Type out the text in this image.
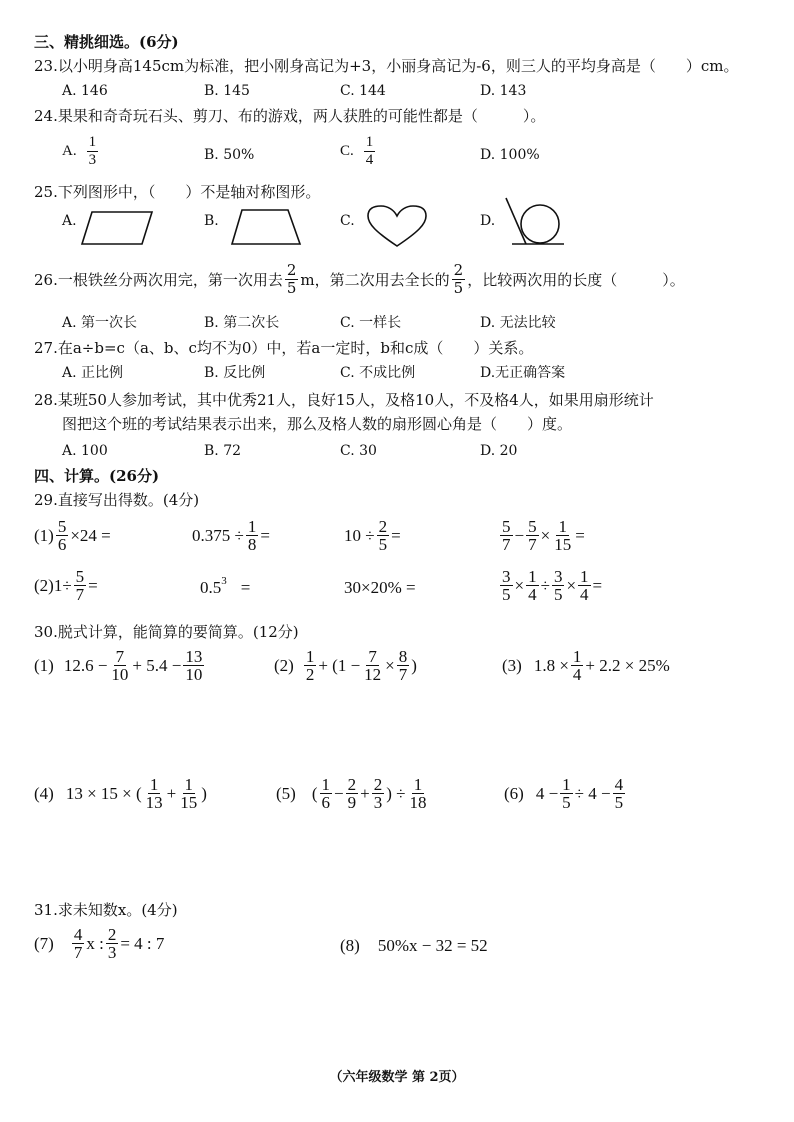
三、精挑细选。(6分)
23.以小明身高145cm为标准，把小刚身高记为+3，小丽身高记为-6，则三人的平均身高是（　　）cm。
A. 146	B. 145	C. 144	D. 143
24.果果和奇奇玩石头、剪刀、布的游戏，两人获胜的可能性都是（　　　）。
A. $\frac{1}{3}$	B. 50%	C. $\frac{1}{4}$	D. 100%
25.下列图形中，（　　）不是轴对称图形。
A.	B.	C.	D.
26.一根铁丝分两次用完，第一次用去 $\frac{2}{5}$ m，第二次用去全长的 $\frac{2}{5}$ ，比较两次用的长度（　　　）。
A. 第一次长	B. 第二次长	C. 一样长	D. 无法比较
27.在a÷b=c（a、b、c均不为0）中，若a一定时，b和c成（　　）关系。
A. 正比例	B. 反比例	C. 不成比例	D.无正确答案
28.某班50人参加考试，其中优秀21人，良好15人，及格10人，不及格4人，如果用扇形统计
图把这个班的考试结果表示出来，那么及格人数的扇形圆心角是（　　）度。
A. 100	B. 72	C. 30	D. 20
四、计算。(26分)
29.直接写出得数。(4分)
$(1) \frac{5}{6} \times 24$ =	$0.375 \div \frac{1}{8}$ =	$10 \div \frac{2}{5}$ =	$\frac{5}{7} - \frac{5}{7} \times \frac{1}{15}$ =
(2) $1\div \frac{5}{7}$ =	0.5 3 =	30×20% =	$\frac{3}{5} \times \frac{1}{4} \div \frac{3}{5} \times \frac{1}{4}$ =
30.脱式计算，能简算的要简算。(12分)
(1) $12.6 - \frac{7}{10} + 5.4 - \frac{13}{10}$	$(2) \frac{1}{2} + (1 - \frac{7}{12} \times \frac{8}{7}$ )	(3) $1.8 \times \frac{1}{4} + 2.2 \times 25\%$
(4) 13 × 15 × ( $\frac{1}{13} + \frac{1}{15}$ )	(5) ( $\frac{1}{6} - \frac{2}{9} + \frac{2}{3}$ ) ÷ $\frac{1}{18}$	(6) $4 - \frac{1}{5} \div 4 - \frac{4}{5}$
31.求未知数x。(4分)
$(7) \frac{4}{7}$ x : $\frac{2}{3} = 4$ : 7	(8) 50%x − 32 = 52
（六年级数学 第 2页）
